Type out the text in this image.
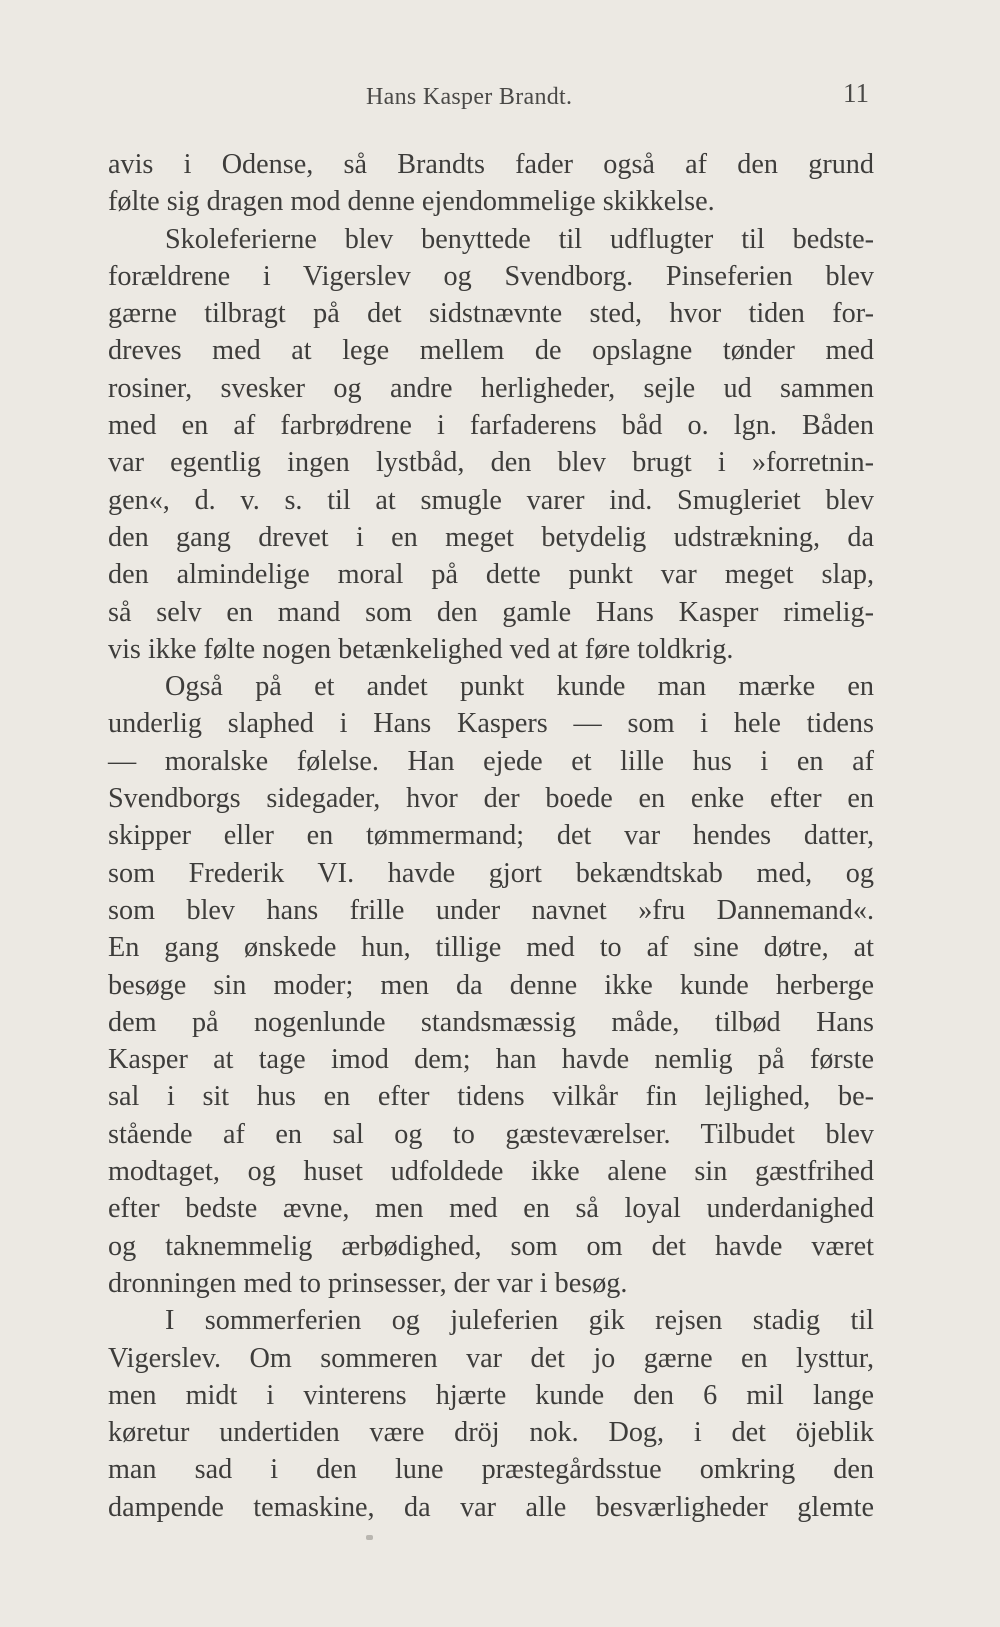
Hans Kasper Brandt.	11
avis i Odense, så Brandts fader også af den grund
følte sig dragen mod denne ejendommelige skikkelse.
Skoleferierne blev benyttede til udflugter til bedste-
forældrene i Vigerslev og Svendborg. Pinseferien blev
gærne tilbragt på det sidstnævnte sted, hvor tiden for-
dreves med at lege mellem de opslagne tønder med
rosiner, svesker og andre herligheder, sejle ud sammen
med en af farbrødrene i farfaderens båd o. lgn. Båden
var egentlig ingen lystbåd, den blev brugt i »forretnin-
gen«, d. v. s. til at smugle varer ind. Smugleriet blev
den gang drevet i en meget betydelig udstrækning, da
den almindelige moral på dette punkt var meget slap,
så selv en mand som den gamle Hans Kasper rimelig-
vis ikke følte nogen betænkelighed ved at føre toldkrig.
Også på et andet punkt kunde man mærke en
underlig slaphed i Hans Kaspers — som i hele tidens
— moralske følelse. Han ejede et lille hus i en af
Svendborgs sidegader, hvor der boede en enke efter en
skipper eller en tømmermand; det var hendes datter,
som Frederik VI. havde gjort bekændtskab med, og
som blev hans frille under navnet »fru Dannemand«.
En gang ønskede hun, tillige med to af sine døtre, at
besøge sin moder; men da denne ikke kunde herberge
dem på nogenlunde standsmæssig måde, tilbød Hans
Kasper at tage imod dem; han havde nemlig på første
sal i sit hus en efter tidens vilkår fin lejlighed, be-
stående af en sal og to gæsteværelser. Tilbudet blev
modtaget, og huset udfoldede ikke alene sin gæstfrihed
efter bedste ævne, men med en så loyal underdanighed
og taknemmelig ærbødighed, som om det havde været
dronningen med to prinsesser, der var i besøg.
I sommerferien og juleferien gik rejsen stadig til
Vigerslev. Om sommeren var det jo gærne en lysttur,
men midt i vinterens hjærte kunde den 6 mil lange
køretur undertiden være dröj nok. Dog, i det öjeblik
man sad i den lune præstegårdsstue omkring den
dampende temaskine, da var alle besværligheder glemte
